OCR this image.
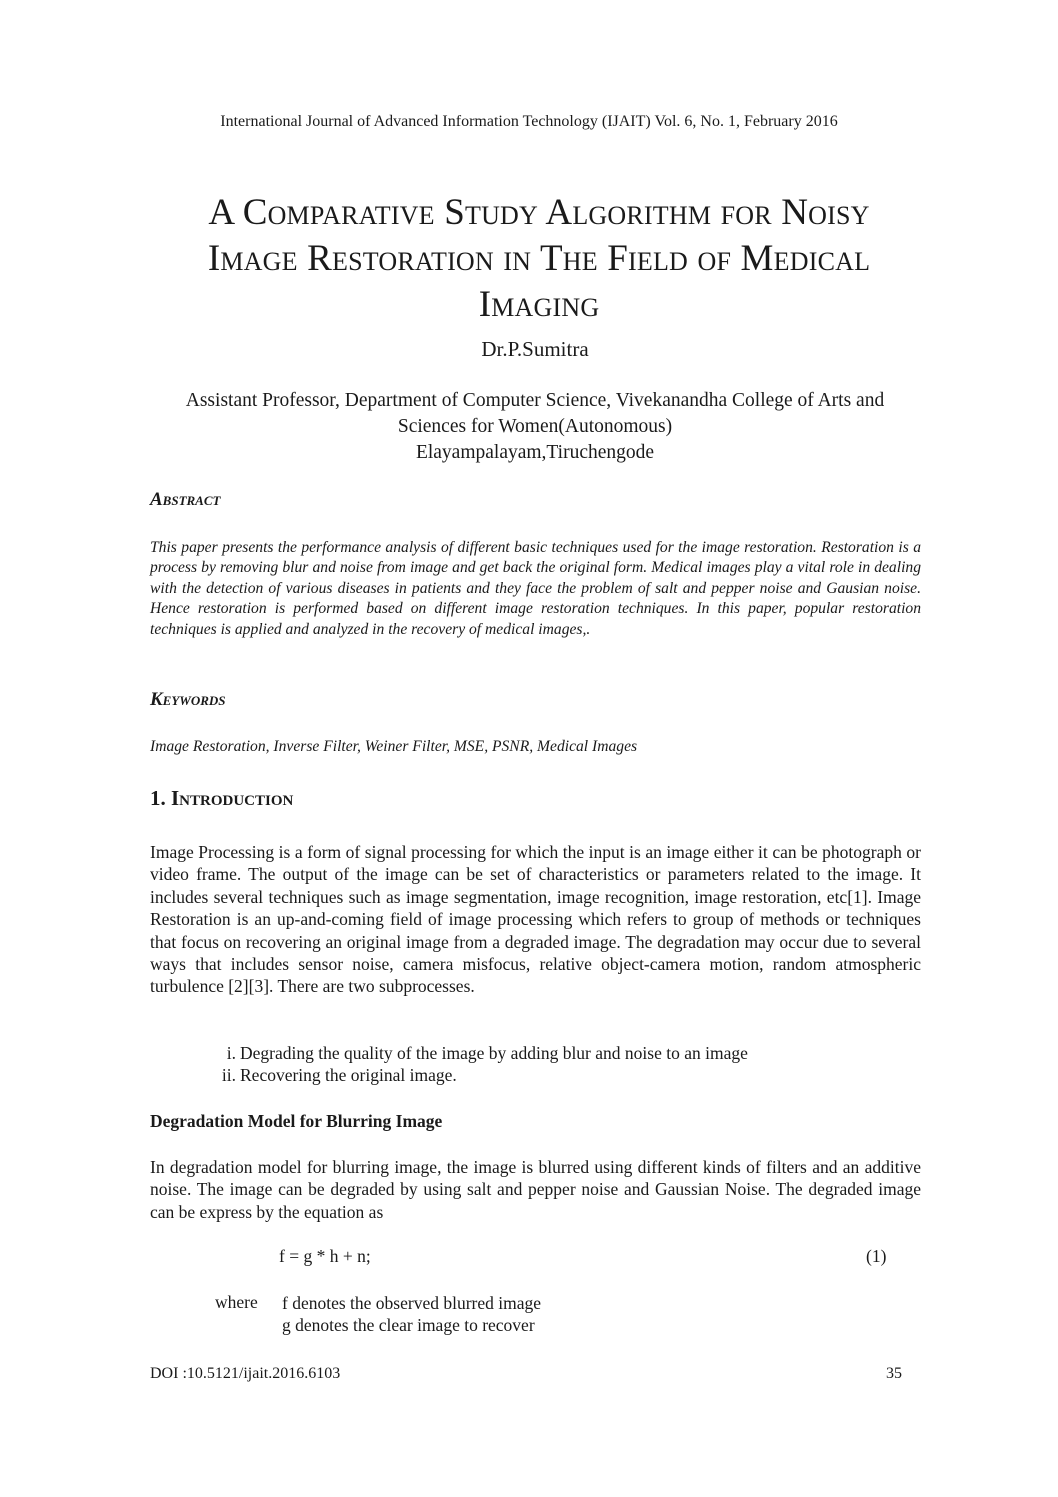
International Journal of Advanced Information Technology (IJAIT) Vol. 6, No. 1, February 2016
A Comparative Study Algorithm for Noisy
Image Restoration in The Field of Medical
Imaging
Dr.P.Sumitra
Assistant Professor, Department of Computer Science, Vivekanandha College of Arts and
Sciences for Women(Autonomous)
Elayampalayam,Tiruchengode
Abstract
This paper presents the performance analysis of different basic techniques used for the image restoration. Restoration is a process by removing blur and noise from image and get back the original form. Medical images play a vital role in dealing with the detection of various diseases in patients and they face the problem of salt and pepper noise and Gausian noise. Hence restoration is performed based on different image restoration techniques. In this paper, popular restoration techniques is applied and analyzed in the recovery of medical images,.
Keywords
Image Restoration, Inverse Filter, Weiner Filter, MSE, PSNR, Medical Images
1. Introduction
Image Processing is a form of signal processing for which the input is an image either it can be photograph or video frame. The output of the image can be set of characteristics or parameters related to the image. It includes several techniques such as image segmentation, image recognition, image restoration, etc[1]. Image Restoration is an up-and-coming field of image processing which refers to group of methods or techniques that focus on recovering an original image from a degraded image. The degradation may occur due to several ways that includes sensor noise, camera misfocus, relative object-camera motion, random atmospheric turbulence [2][3]. There are two subprocesses.
i. Degrading the quality of the image by adding blur and noise to an image
ii. Recovering the original image.
Degradation Model for Blurring Image
In degradation model for blurring image, the image is blurred using different kinds of filters and an additive noise. The image can be degraded by using salt and pepper noise and Gaussian Noise. The degraded image can be express by the equation as
f = g * h + n;	(1)
where f denotes the observed blurred image
g denotes the clear image to recover
DOI :10.5121/ijait.2016.6103	35
